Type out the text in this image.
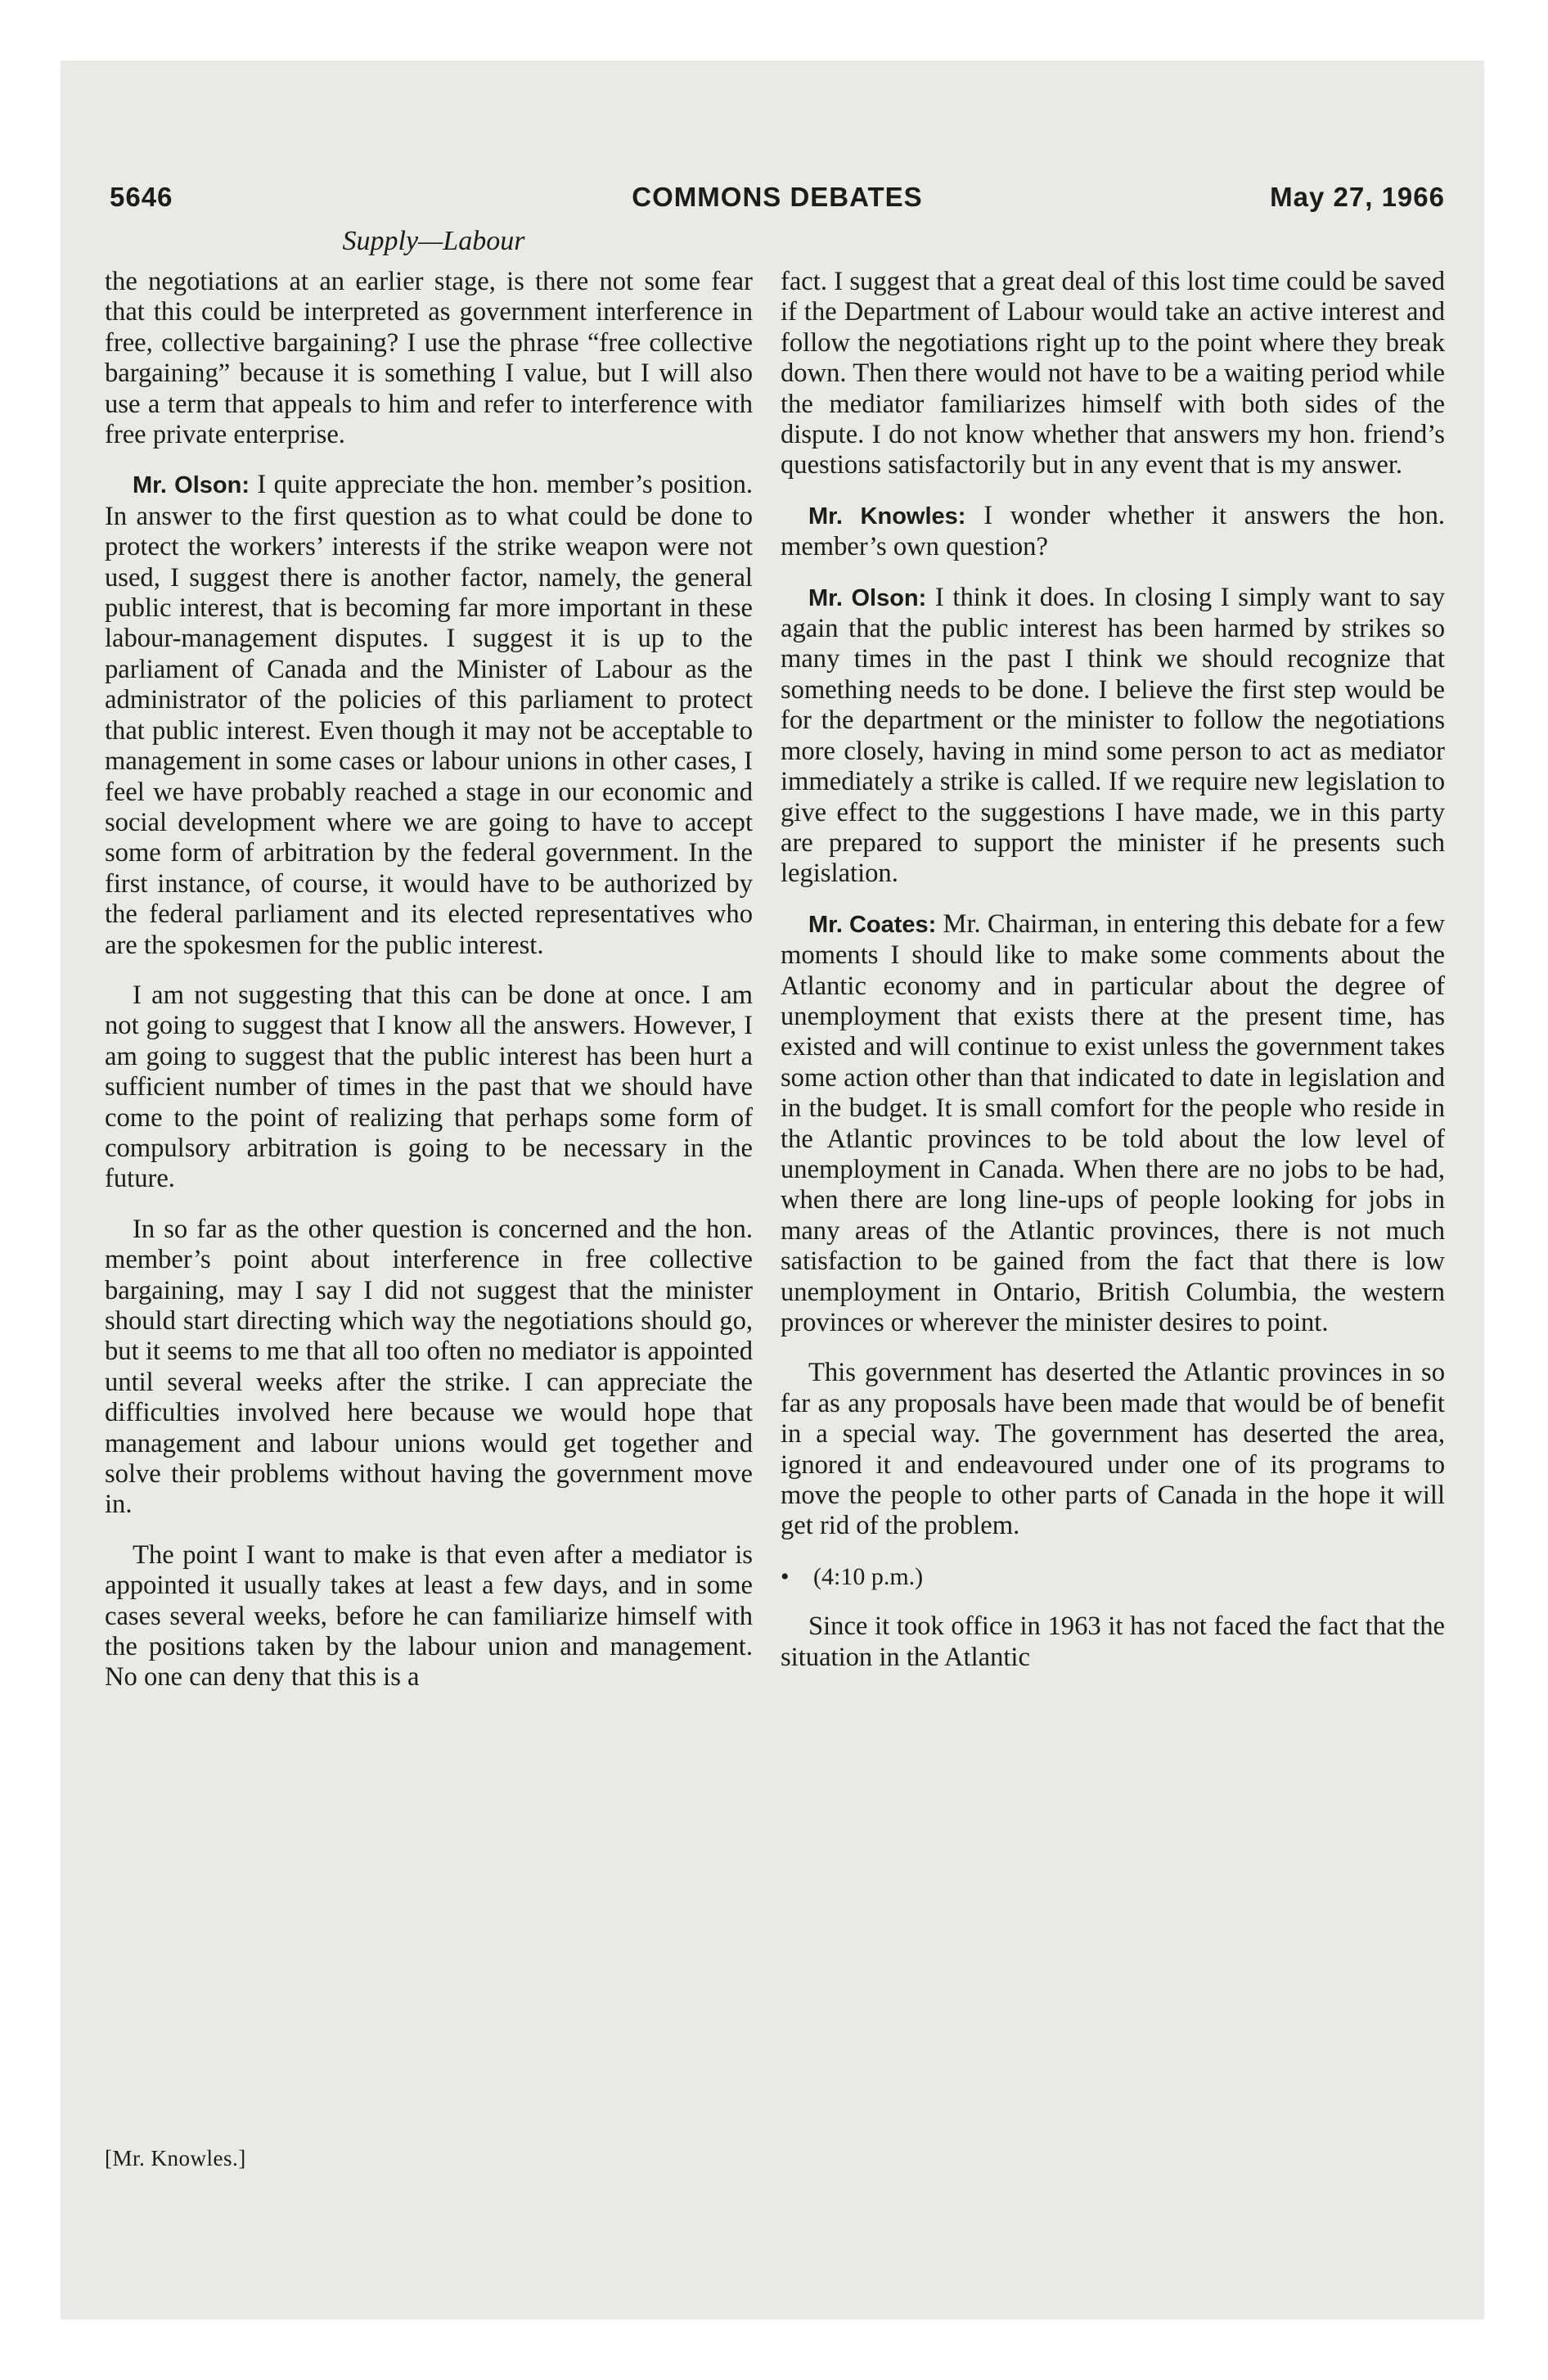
5646	COMMONS DEBATES	May 27, 1966
Supply—Labour

the negotiations at an earlier stage, is there not some fear that this could be interpreted as government interference in free, collective bargaining? I use the phrase “free collective bargaining” because it is something I value, but I will also use a term that appeals to him and refer to interference with free private enterprise.

Mr. Olson: I quite appreciate the hon. member’s position. In answer to the first question as to what could be done to protect the workers’ interests if the strike weapon were not used, I suggest there is another factor, namely, the general public interest, that is becoming far more important in these labour-management disputes. I suggest it is up to the parliament of Canada and the Minister of Labour as the administrator of the policies of this parliament to protect that public interest. Even though it may not be acceptable to management in some cases or labour unions in other cases, I feel we have probably reached a stage in our economic and social development where we are going to have to accept some form of arbitration by the federal government. In the first instance, of course, it would have to be authorized by the federal parliament and its elected representatives who are the spokesmen for the public interest.

I am not suggesting that this can be done at once. I am not going to suggest that I know all the answers. However, I am going to suggest that the public interest has been hurt a sufficient number of times in the past that we should have come to the point of realizing that perhaps some form of compulsory arbitration is going to be necessary in the future.

In so far as the other question is concerned and the hon. member’s point about interference in free collective bargaining, may I say I did not suggest that the minister should start directing which way the negotiations should go, but it seems to me that all too often no mediator is appointed until several weeks after the strike. I can appreciate the difficulties involved here because we would hope that management and labour unions would get together and solve their problems without having the government move in.

The point I want to make is that even after a mediator is appointed it usually takes at least a few days, and in some cases several weeks, before he can familiarize himself with the positions taken by the labour union and management. No one can deny that this is a

fact. I suggest that a great deal of this lost time could be saved if the Department of Labour would take an active interest and follow the negotiations right up to the point where they break down. Then there would not have to be a waiting period while the mediator familiarizes himself with both sides of the dispute. I do not know whether that answers my hon. friend’s questions satisfactorily but in any event that is my answer.

Mr. Knowles: I wonder whether it answers the hon. member’s own question?

Mr. Olson: I think it does. In closing I simply want to say again that the public interest has been harmed by strikes so many times in the past I think we should recognize that something needs to be done. I believe the first step would be for the department or the minister to follow the negotiations more closely, having in mind some person to act as mediator immediately a strike is called. If we require new legislation to give effect to the suggestions I have made, we in this party are prepared to support the minister if he presents such legislation.

Mr. Coates: Mr. Chairman, in entering this debate for a few moments I should like to make some comments about the Atlantic economy and in particular about the degree of unemployment that exists there at the present time, has existed and will continue to exist unless the government takes some action other than that indicated to date in legislation and in the budget. It is small comfort for the people who reside in the Atlantic provinces to be told about the low level of unemployment in Canada. When there are no jobs to be had, when there are long line-ups of people looking for jobs in many areas of the Atlantic provinces, there is not much satisfaction to be gained from the fact that there is low unemployment in Ontario, British Columbia, the western provinces or wherever the minister desires to point.

This government has deserted the Atlantic provinces in so far as any proposals have been made that would be of benefit in a special way. The government has deserted the area, ignored it and endeavoured under one of its programs to move the people to other parts of Canada in the hope it will get rid of the problem.

• (4:10 p.m.)

Since it took office in 1963 it has not faced the fact that the situation in the Atlantic

[Mr. Knowles.]
